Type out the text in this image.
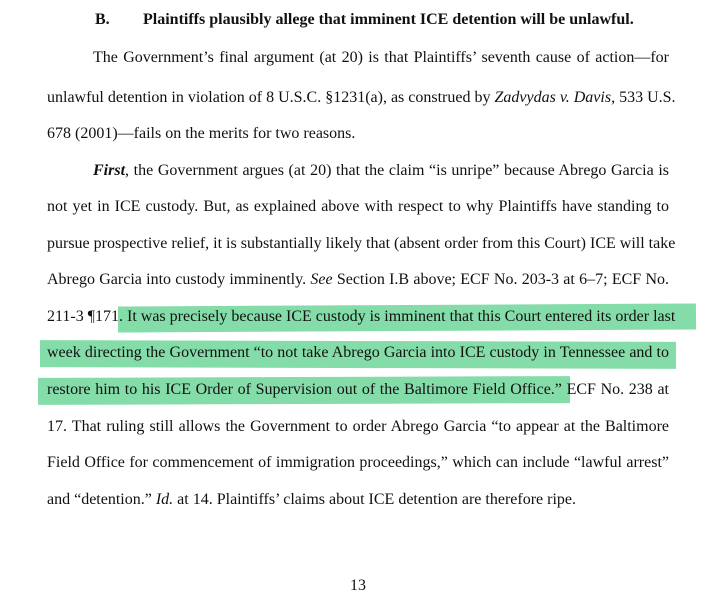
B. Plaintiffs plausibly allege that imminent ICE detention will be unlawful.
The Government’s final argument (at 20) is that Plaintiffs’ seventh cause of action—for
unlawful detention in violation of 8 U.S.C. §1231(a), as construed by Zadvydas v. Davis, 533 U.S.
678 (2001)—fails on the merits for two reasons.
First, the Government argues (at 20) that the claim “is unripe” because Abrego Garcia is
not yet in ICE custody. But, as explained above with respect to why Plaintiffs have standing to
pursue prospective relief, it is substantially likely that (absent order from this Court) ICE will take
Abrego Garcia into custody imminently. See Section I.B above; ECF No. 203-3 at 6–7; ECF No.
211-3 ¶171. It was precisely because ICE custody is imminent that this Court entered its order last
week directing the Government “to not take Abrego Garcia into ICE custody in Tennessee and to
restore him to his ICE Order of Supervision out of the Baltimore Field Office.” ECF No. 238 at
17. That ruling still allows the Government to order Abrego Garcia “to appear at the Baltimore
Field Office for commencement of immigration proceedings,” which can include “lawful arrest”
and “detention.” Id. at 14. Plaintiffs’ claims about ICE detention are therefore ripe.
13
